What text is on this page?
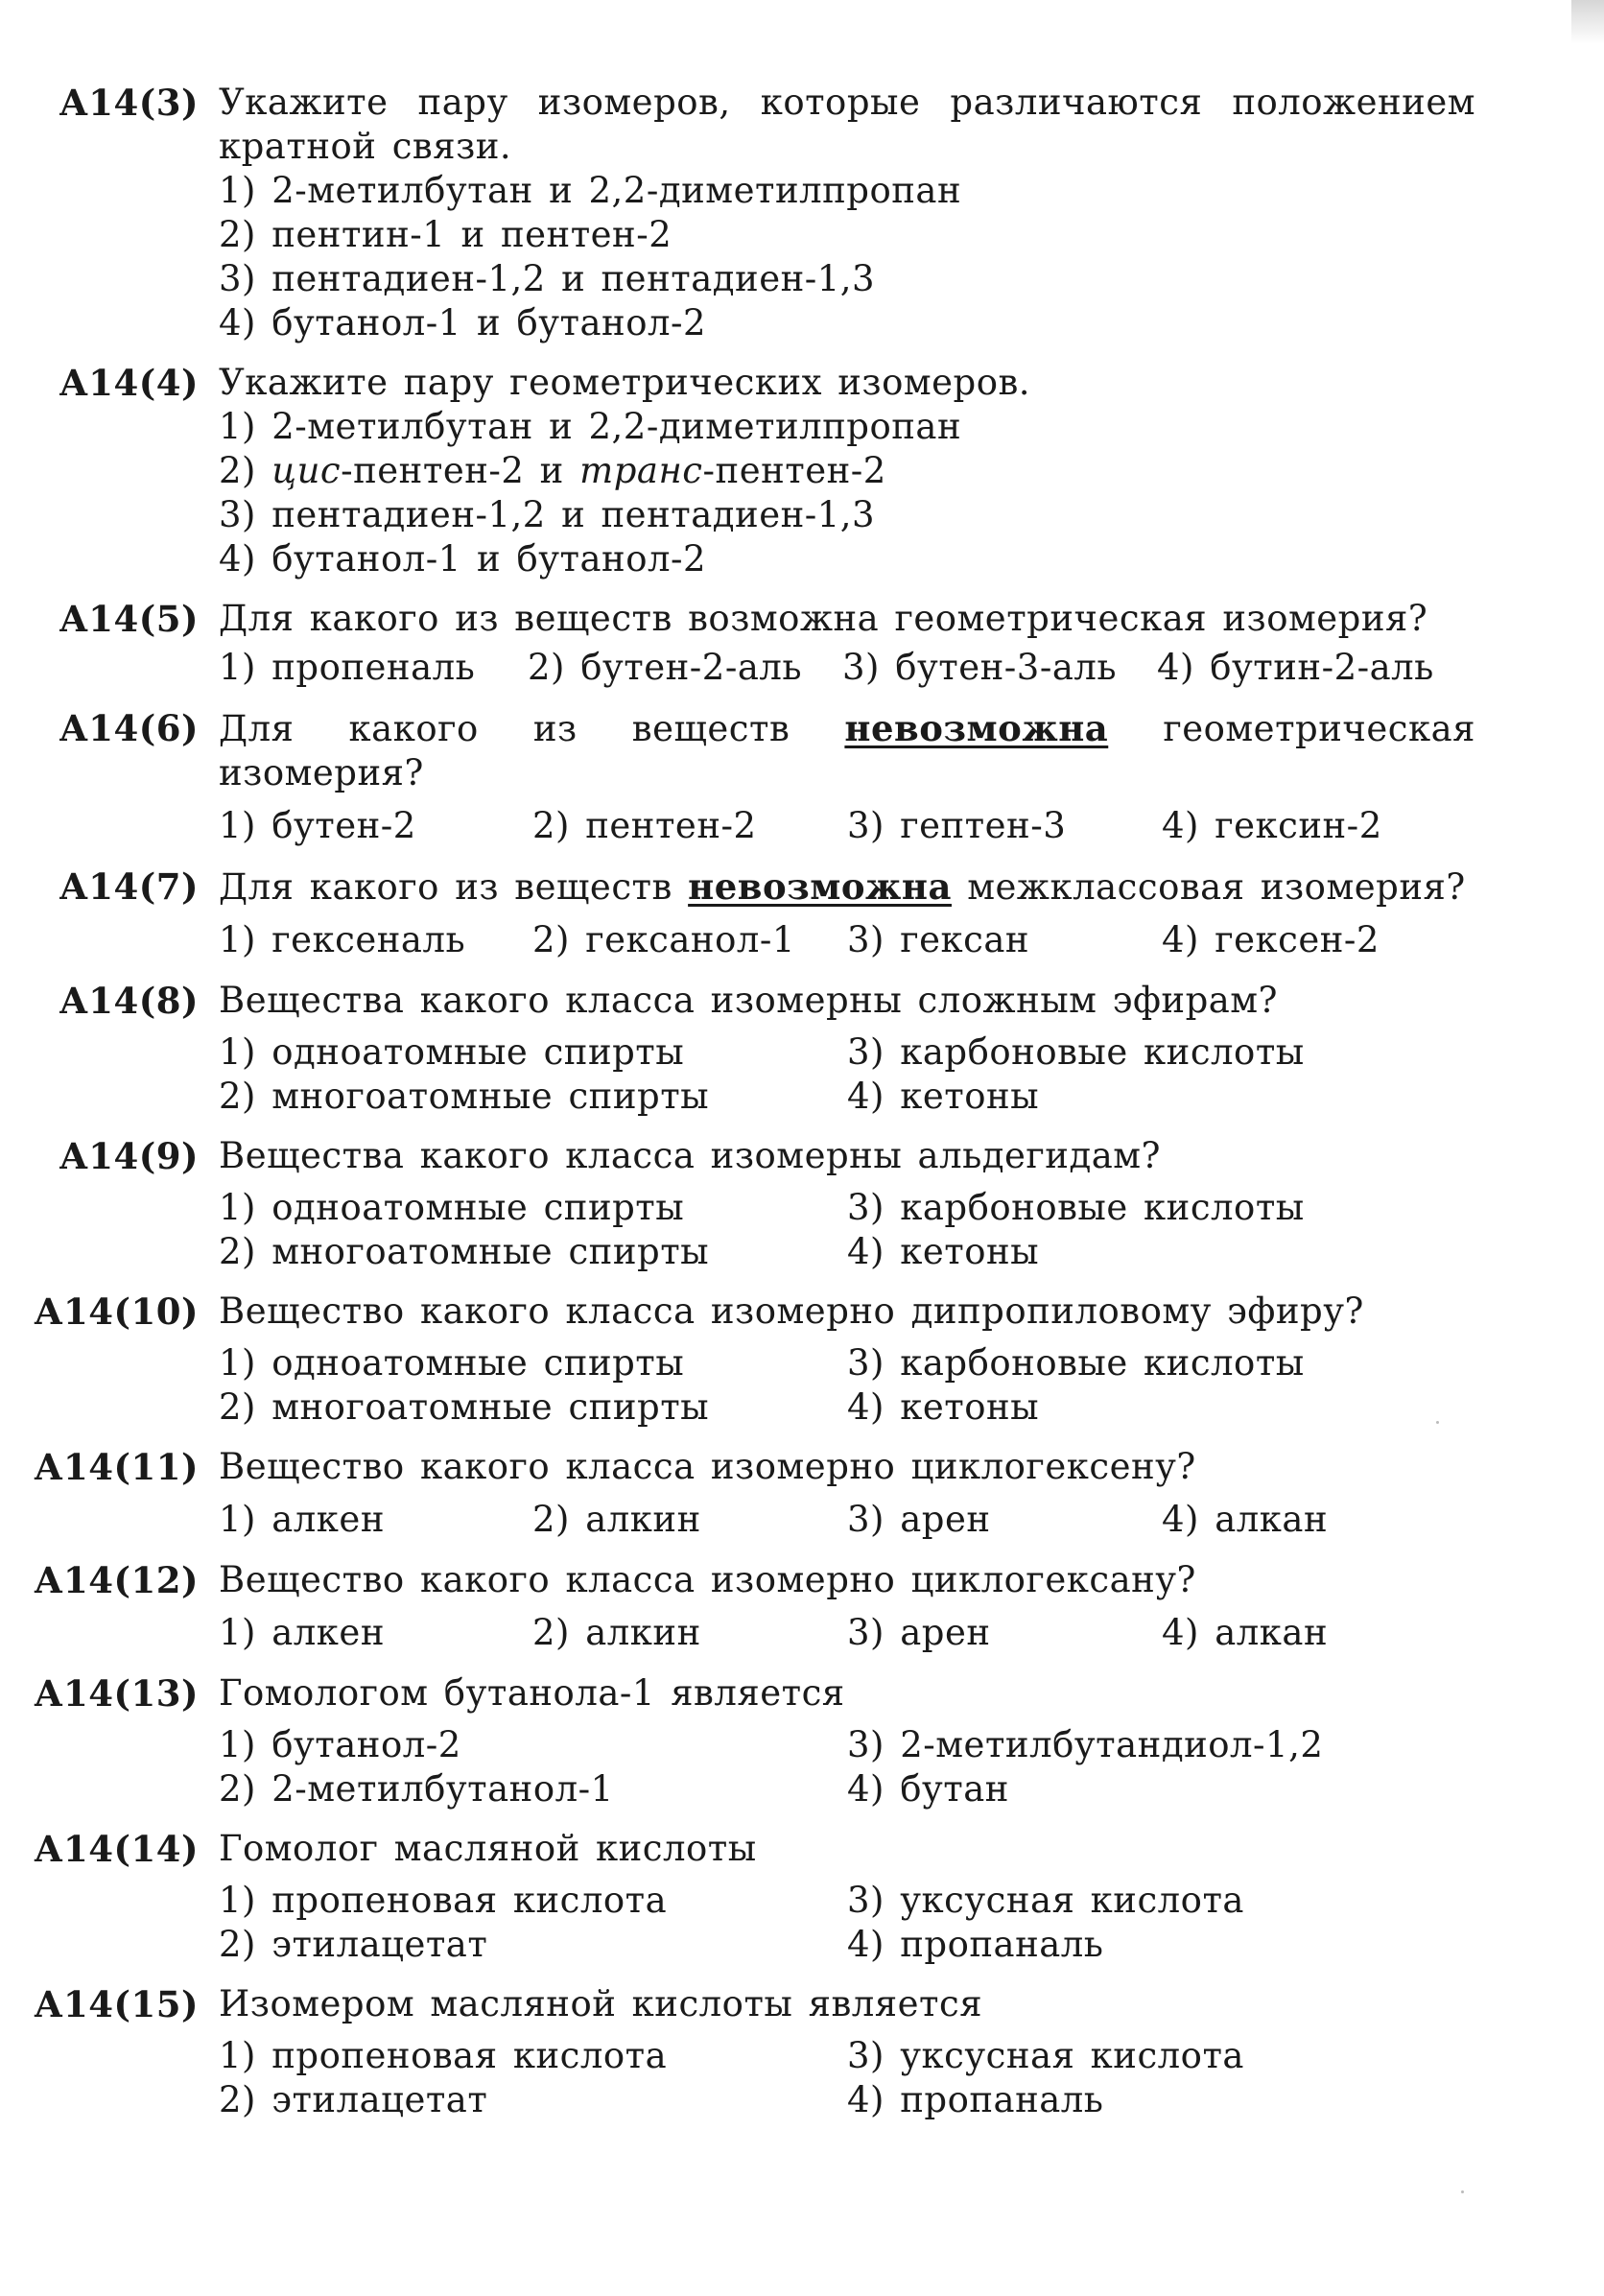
А14(3) Укажите пару изомеров, которые различаются положением кратной связи.
1) 2-метилбутан и 2,2-диметилпропан
2) пентин-1 и пентен-2
3) пентадиен-1,2 и пентадиен-1,3
4) бутанол-1 и бутанол-2
А14(4) Укажите пару геометрических изомеров.
1) 2-метилбутан и 2,2-диметилпропан
2) цис-пентен-2 и транс-пентен-2
3) пентадиен-1,2 и пентадиен-1,3
4) бутанол-1 и бутанол-2
А14(5) Для какого из веществ возможна геометрическая изомерия?
1) пропеналь	2) бутен-2-аль	3) бутен-3-аль	4) бутин-2-аль
А14(6) Для какого из веществ невозможна геометрическая изомерия?
1) бутен-2	2) пентен-2	3) гептен-3	4) гексин-2
А14(7) Для какого из веществ невозможна межклассовая изомерия?
1) гексеналь	2) гексанол-1	3) гексан	4) гексен-2
А14(8) Вещества какого класса изомерны сложным эфирам?
1) одноатомные спирты	3) карбоновые кислоты
2) многоатомные спирты	4) кетоны
А14(9) Вещества какого класса изомерны альдегидам?
1) одноатомные спирты	3) карбоновые кислоты
2) многоатомные спирты	4) кетоны
А14(10) Вещество какого класса изомерно дипропиловому эфиру?
1) одноатомные спирты	3) карбоновые кислоты
2) многоатомные спирты	4) кетоны
А14(11) Вещество какого класса изомерно циклогексену?
1) алкен	2) алкин	3) арен	4) алкан
А14(12) Вещество какого класса изомерно циклогексану?
1) алкен	2) алкин	3) арен	4) алкан
А14(13) Гомологом бутанола-1 является
1) бутанол-2	3) 2-метилбутандиол-1,2
2) 2-метилбутанол-1	4) бутан
А14(14) Гомолог масляной кислоты
1) пропеновая кислота	3) уксусная кислота
2) этилацетат	4) пропаналь
А14(15) Изомером масляной кислоты является
1) пропеновая кислота	3) уксусная кислота
2) этилацетат	4) пропаналь
